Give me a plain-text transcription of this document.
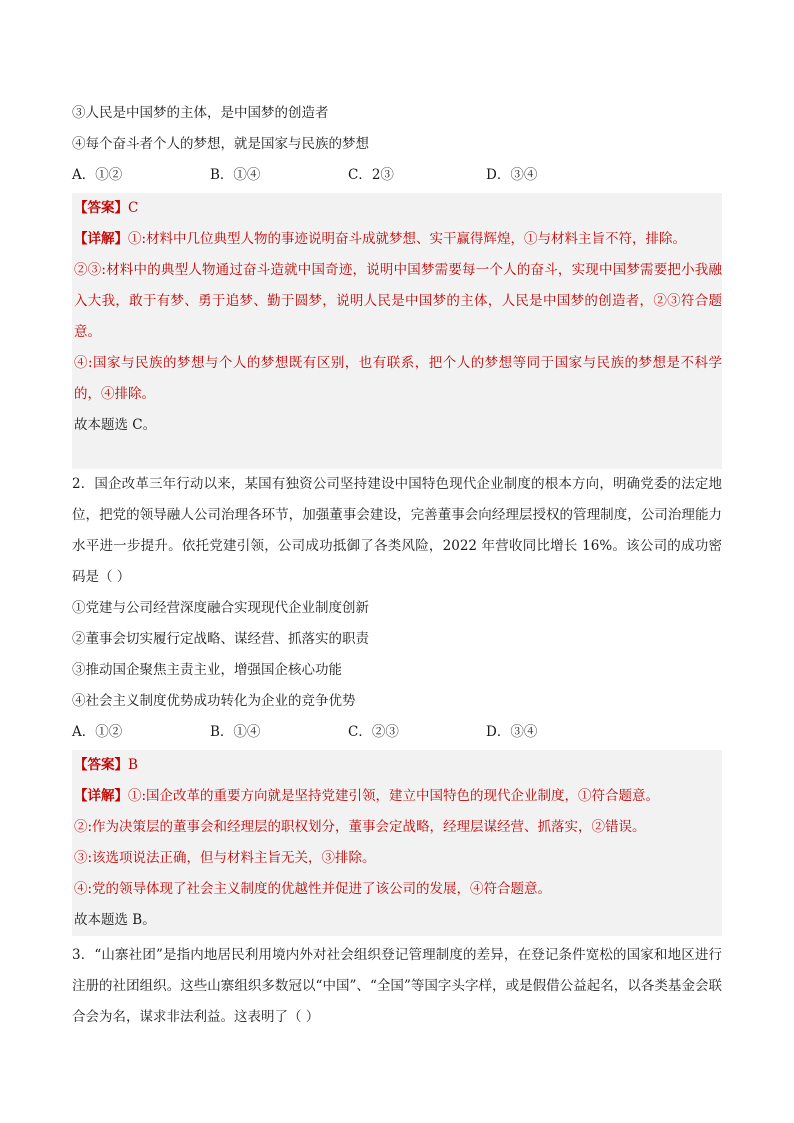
③人民是中国梦的主体，是中国梦的创造者
④每个奋斗者个人的梦想，就是国家与民族的梦想
A．①②	B．①④	C．2③	D．③④
【答案】C
【详解】①:材料中几位典型人物的事迹说明奋斗成就梦想、实干赢得辉煌，①与材料主旨不符，排除。
②③:材料中的典型人物通过奋斗造就中国奇迹，说明中国梦需要每一个人的奋斗，实现中国梦需要把小我融入大我，敢于有梦、勇于追梦、勤于圆梦，说明人民是中国梦的主体，人民是中国梦的创造者，②③符合题意。
④:国家与民族的梦想与个人的梦想既有区别，也有联系，把个人的梦想等同于国家与民族的梦想是不科学的，④排除。
故本题选 C。
2．国企改革三年行动以来，某国有独资公司坚持建设中国特色现代企业制度的根本方向，明确党委的法定地位，把党的领导融人公司治理各环节，加强董事会建设，完善董事会向经理层授权的管理制度，公司治理能力水平进一步提升。依托党建引领，公司成功抵御了各类风险，2022 年营收同比增长 16%。该公司的成功密码是（ ）
①党建与公司经营深度融合实现现代企业制度创新
②董事会切实履行定战略、谋经营、抓落实的职责
③推动国企聚焦主责主业，增强国企核心功能
④社会主义制度优势成功转化为企业的竞争优势
A．①②	B．①④	C．②③	D．③④
【答案】B
【详解】①:国企改革的重要方向就是坚持党建引领，建立中国特色的现代企业制度，①符合题意。
②:作为决策层的董事会和经理层的职权划分，董事会定战略，经理层谋经营、抓落实，②错误。
③:该选项说法正确，但与材料主旨无关，③排除。
④:党的领导体现了社会主义制度的优越性并促进了该公司的发展，④符合题意。
故本题选 B。
3．“山寨社团”是指内地居民利用境内外对社会组织登记管理制度的差异，在登记条件宽松的国家和地区进行注册的社团组织。这些山寨组织多数冠以“中国”、“全国”等国字头字样，或是假借公益起名，以各类基金会联合会为名，谋求非法利益。这表明了（ ）
